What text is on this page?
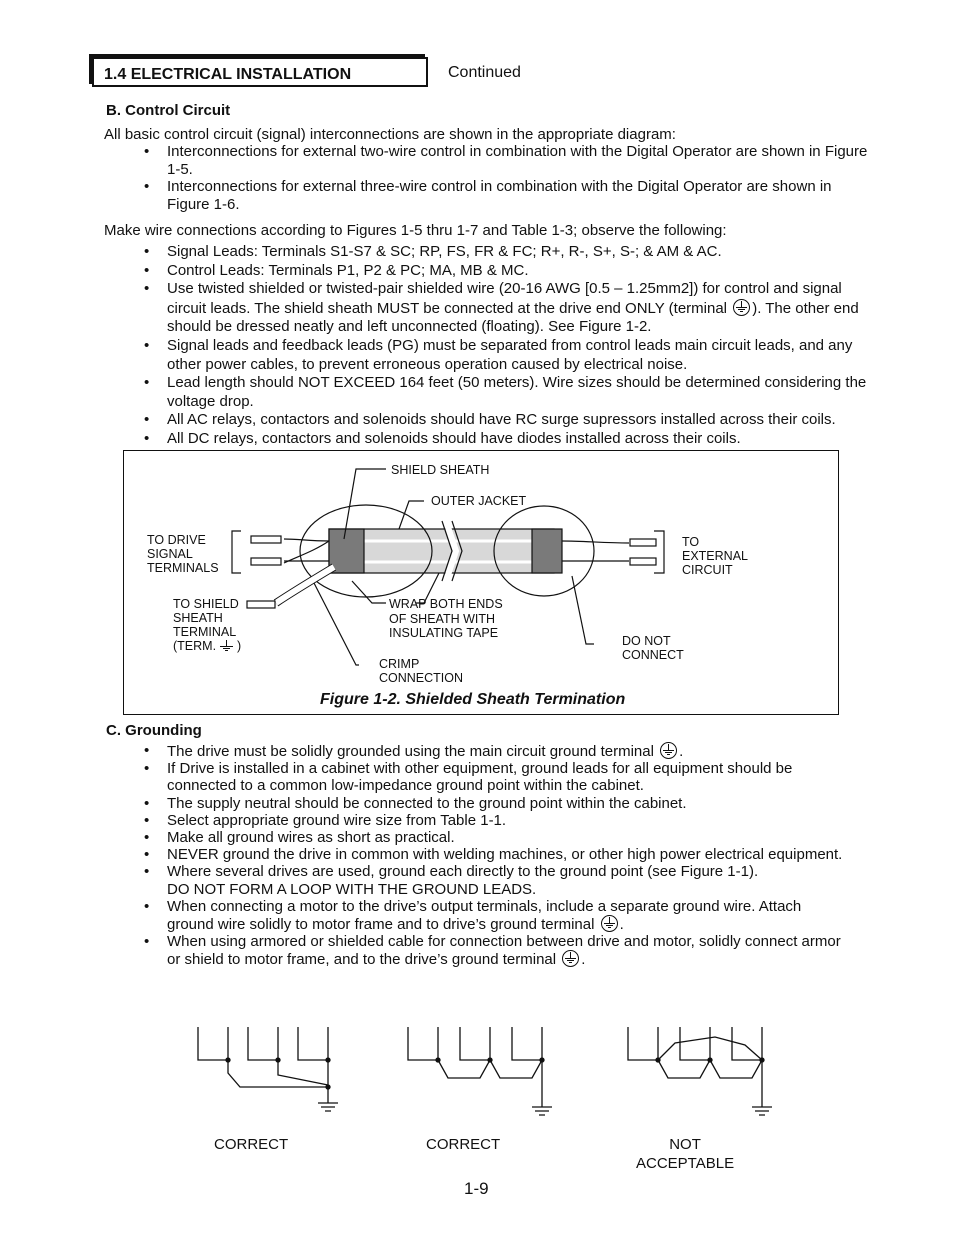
1.4 ELECTRICAL INSTALLATION	Continued
B. Control Circuit
All basic control circuit (signal) interconnections are shown in the appropriate diagram:
• Interconnections for external two-wire control in combination with the Digital Operator are shown in Figure 1-5.
• Interconnections for external three-wire control in combination with the Digital Operator are shown in Figure 1-6.
Make wire connections according to Figures 1-5 thru 1-7 and Table 1-3; observe the following:
• Signal Leads: Terminals S1-S7 & SC; RP, FS, FR & FC; R+, R-, S+, S-; & AM & AC.
• Control Leads: Terminals P1, P2 & PC; MA, MB & MC.
• Use twisted shielded or twisted-pair shielded wire (20-16 AWG [0.5 – 1.25mm2]) for control and signal circuit leads. The shield sheath MUST be connected at the drive end ONLY (terminal ). The other end should be dressed neatly and left unconnected (floating). See Figure 1-2.
• Signal leads and feedback leads (PG) must be separated from control leads main circuit leads, and any other power cables, to prevent erroneous operation caused by electrical noise.
• Lead length should NOT EXCEED 164 feet (50 meters). Wire sizes should be determined considering the voltage drop.
• All AC relays, contactors and solenoids should have RC surge supressors installed across their coils.
• All DC relays, contactors and solenoids should have diodes installed across their coils.
SHIELD SHEATH
OUTER JACKET
TO DRIVE
SIGNAL
TERMINALS
TO
EXTERNAL
CIRCUIT
TO SHIELD
SHEATH
TERMINAL
(TERM. )
WRAP BOTH ENDS
OF SHEATH WITH
INSULATING TAPE
DO NOT
CONNECT
CRIMP
CONNECTION
Figure 1-2. Shielded Sheath Termination
C. Grounding
• The drive must be solidly grounded using the main circuit ground terminal .
• If Drive is installed in a cabinet with other equipment, ground leads for all equipment should be connected to a common low-impedance ground point within the cabinet.
• The supply neutral should be connected to the ground point within the cabinet.
• Select appropriate ground wire size from Table 1-1.
• Make all ground wires as short as practical.
• NEVER ground the drive in common with welding machines, or other high power electrical equipment.
• Where several drives are used, ground each directly to the ground point (see Figure 1-1).
DO NOT FORM A LOOP WITH THE GROUND LEADS.
• When connecting a motor to the drive’s output terminals, include a separate ground wire. Attach ground wire solidly to motor frame and to drive’s ground terminal .
• When using armored or shielded cable for connection between drive and motor, solidly connect armor or shield to motor frame, and to the drive’s ground terminal .
CORRECT	CORRECT	NOT
ACCEPTABLE
1-9
